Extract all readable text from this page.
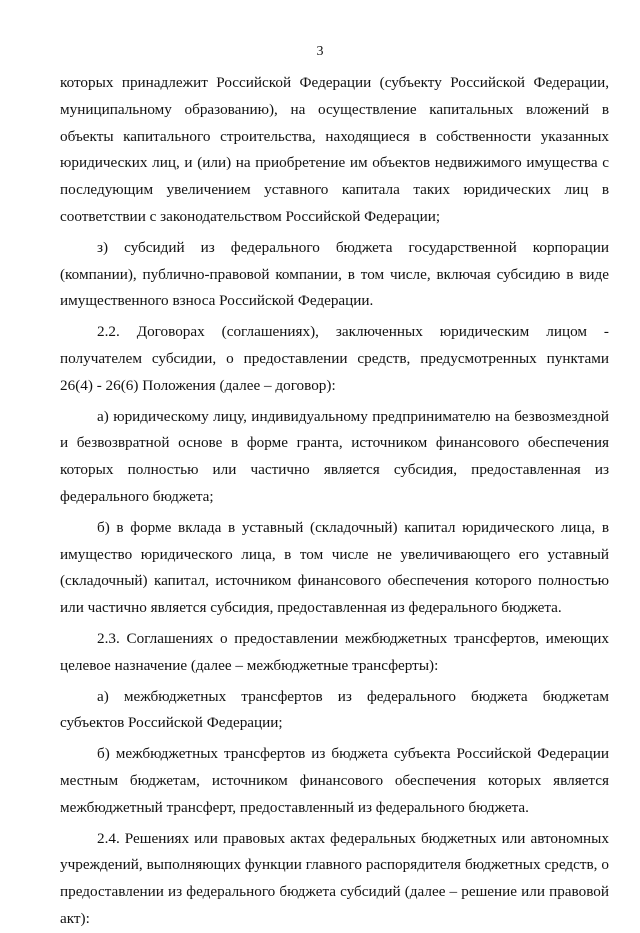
3

которых принадлежит Российской Федерации (субъекту Российской Федерации, муниципальному образованию), на осуществление капитальных вложений в объекты капитального строительства, находящиеся в собственности указанных юридических лиц, и (или) на приобретение им объектов недвижимого имущества с последующим увеличением уставного капитала таких юридических лиц в соответствии с законодательством Российской Федерации;

з) субсидий из федерального бюджета государственной корпорации (компании), публично-правовой компании, в том числе, включая субсидию в виде имущественного взноса Российской Федерации.

2.2. Договорах (соглашениях), заключенных юридическим лицом - получателем субсидии, о предоставлении средств, предусмотренных пунктами 26(4) - 26(6) Положения (далее – договор):

а) юридическому лицу, индивидуальному предпринимателю на безвозмездной и безвозвратной основе в форме гранта, источником финансового обеспечения которых полностью или частично является субсидия, предоставленная из федерального бюджета;

б) в форме вклада в уставный (складочный) капитал юридического лица, в имущество юридического лица, в том числе не увеличивающего его уставный (складочный) капитал, источником финансового обеспечения которого полностью или частично является субсидия, предоставленная из федерального бюджета.

2.3. Соглашениях о предоставлении межбюджетных трансфертов, имеющих целевое назначение (далее – межбюджетные трансферты):

а) межбюджетных трансфертов из федерального бюджета бюджетам субъектов Российской Федерации;

б) межбюджетных трансфертов из бюджета субъекта Российской Федерации местным бюджетам, источником финансового обеспечения которых является межбюджетный трансферт, предоставленный из федерального бюджета.

2.4. Решениях или правовых актах федеральных бюджетных или автономных учреждений, выполняющих функции главного распорядителя бюджетных средств, о предоставлении из федерального бюджета субсидий (далее – решение или правовой акт):
